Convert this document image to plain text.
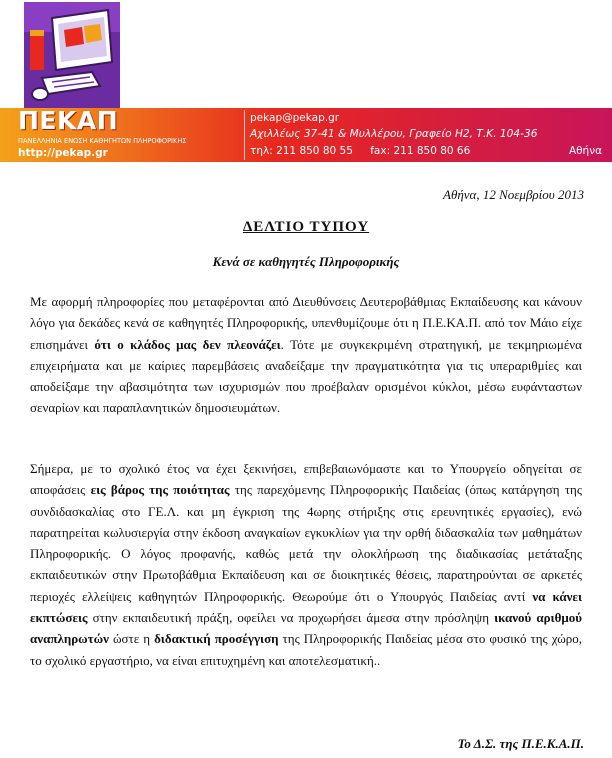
ΠΕΚΑΠ
ΠΑΝΕΛΛΗΝΙΑ ΕΝΩΣΗ ΚΑΘΗΓΗΤΩΝ ΠΛΗΡΟΦΟΡΙΚΗΣ
http://pekap.gr
pekap@pekap.gr
Αχιλλέως 37-41 & Μυλλέρου, Γραφείο Η2, Τ.Κ. 104-36
τηλ: 211 850 80 55 fax: 211 850 80 66	Αθήνα
Αθήνα, 12 Νοεμβρίου 2013
ΔΕΛΤΙΟ ΤΥΠΟΥ
Κενά σε καθηγητές Πληροφορικής

Με αφορμή πληροφορίες που μεταφέρονται από Διευθύνσεις Δευτεροβάθμιας Εκπαίδευσης και κάνουν λόγο για δεκάδες κενά σε καθηγητές Πληροφορικής, υπενθυμίζουμε ότι η Π.Ε.ΚΑ.Π. από τον Μάιο είχε επισημάνει ότι ο κλάδος μας δεν πλεονάζει. Τότε με συγκεκριμένη στρατηγική, με τεκμηριωμένα επιχειρήματα και με καίριες παρεμβάσεις αναδείξαμε την πραγματικότητα για τις υπεραριθμίες και αποδείξαμε την αβασιμότητα των ισχυρισμών που προέβαλαν ορισμένοι κύκλοι, μέσω ευφάνταστων σεναρίων και παραπλανητικών δημοσιευμάτων.

Σήμερα, με το σχολικό έτος να έχει ξεκινήσει, επιβεβαιωνόμαστε και το Υπουργείο οδηγείται σε αποφάσεις εις βάρος της ποιότητας της παρεχόμενης Πληροφορικής Παιδείας (όπως κατάργηση της συνδιδασκαλίας στο ΓΕ.Λ. και μη έγκριση της 4ωρης στήριξης στις ερευνητικές εργασίες), ενώ παρατηρείται κωλυσιεργία στην έκδοση αναγκαίων εγκυκλίων για την ορθή διδασκαλία των μαθημάτων Πληροφορικής. Ο λόγος προφανής, καθώς μετά την ολοκλήρωση της διαδικασίας μετάταξης εκπαιδευτικών στην Πρωτοβάθμια Εκπαίδευση και σε διοικητικές θέσεις, παρατηρούνται σε αρκετές περιοχές ελλείψεις καθηγητών Πληροφορικής. Θεωρούμε ότι ο Υπουργός Παιδείας αντί να κάνει εκπτώσεις στην εκπαιδευτική πράξη, οφείλει να προχωρήσει άμεσα στην πρόσληψη ικανού αριθμού αναπληρωτών ώστε η διδακτική προσέγγιση της Πληροφορικής Παιδείας μέσα στο φυσικό της χώρο, το σχολικό εργαστήριο, να είναι επιτυχημένη και αποτελεσματική..

Το Δ.Σ. της Π.Ε.Κ.Α.Π.
